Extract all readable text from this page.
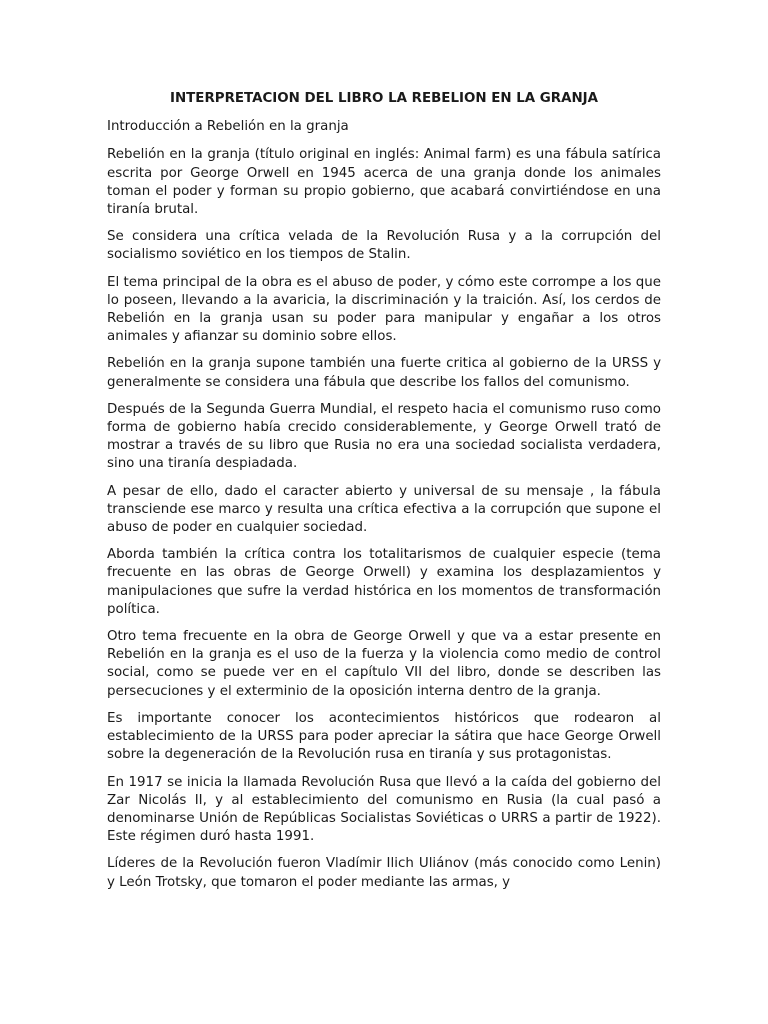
INTERPRETACION DEL LIBRO LA REBELION EN LA GRANJA
Introducción a Rebelión en la granja
Rebelión en la granja (título original en inglés: Animal farm) es una fábula satírica escrita por George Orwell en 1945 acerca de una granja donde los animales toman el poder y forman su propio gobierno, que acabará convirtiéndose en una tiranía brutal.
Se considera una crítica velada de la Revolución Rusa y a la corrupción del socialismo soviético en los tiempos de Stalin.
El tema principal de la obra es el abuso de poder, y cómo este corrompe a los que lo poseen, llevando a la avaricia, la discriminación y la traición. Así, los cerdos de Rebelión en la granja usan su poder para manipular y engañar a los otros animales y afianzar su dominio sobre ellos.
Rebelión en la granja supone también una fuerte critica al gobierno de la URSS y generalmente se considera una fábula que describe los fallos del comunismo.
Después de la Segunda Guerra Mundial, el respeto hacia el comunismo ruso como forma de gobierno había crecido considerablemente, y George Orwell trató de mostrar a través de su libro que Rusia no era una sociedad socialista verdadera, sino una tiranía despiadada.
A pesar de ello, dado el caracter abierto y universal de su mensaje , la fábula transciende ese marco y resulta una crítica efectiva a la corrupción que supone el abuso de poder en cualquier sociedad.
Aborda también la crítica contra los totalitarismos de cualquier especie (tema frecuente en las obras de George Orwell) y examina los desplazamientos y manipulaciones que sufre la verdad histórica en los momentos de transformación política.
Otro tema frecuente en la obra de George Orwell y que va a estar presente en Rebelión en la granja es el uso de la fuerza y la violencia como medio de control social, como se puede ver en el capítulo VII del libro, donde se describen las persecuciones y el exterminio de la oposición interna dentro de la granja.
Es importante conocer los acontecimientos históricos que rodearon al establecimiento de la URSS para poder apreciar la sátira que hace George Orwell sobre la degeneración de la Revolución rusa en tiranía y sus protagonistas.
En 1917 se inicia la llamada Revolución Rusa que llevó a la caída del gobierno del Zar Nicolás II, y al establecimiento del comunismo en Rusia (la cual pasó a denominarse Unión de Repúblicas Socialistas Soviéticas o URRS a partir de 1922). Este régimen duró hasta 1991.
Líderes de la Revolución fueron Vladímir Ilich Uliánov (más conocido como Lenin) y León Trotsky, que tomaron el poder mediante las armas, y
